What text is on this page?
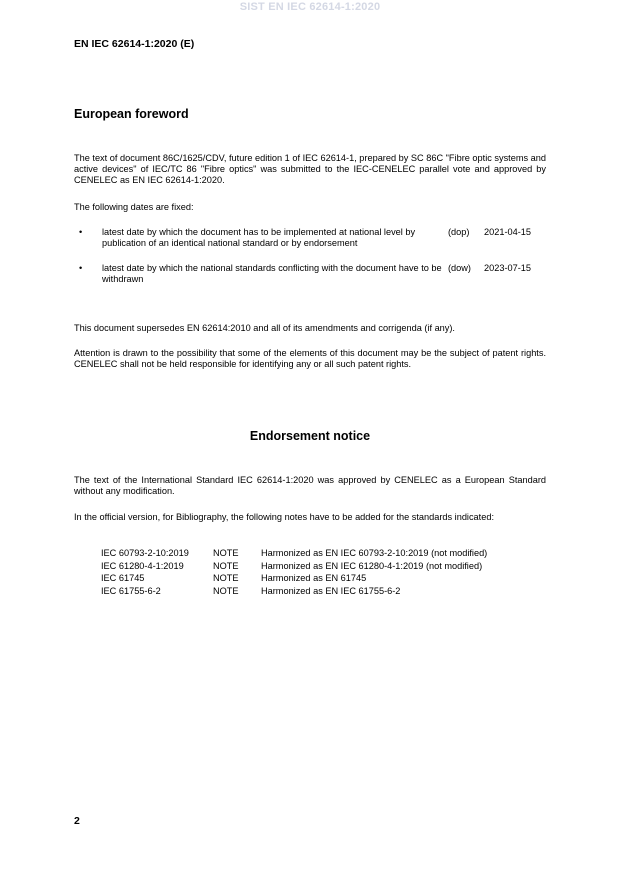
SIST EN IEC 62614-1:2020
EN IEC 62614-1:2020 (E)
European foreword
The text of document 86C/1625/CDV, future edition 1 of IEC 62614-1, prepared by SC 86C "Fibre optic systems and active devices" of IEC/TC 86 "Fibre optics" was submitted to the IEC-CENELEC parallel vote and approved by CENELEC as EN IEC 62614-1:2020.
The following dates are fixed:
• latest date by which the document has to be implemented at national level by publication of an identical national standard or by endorsement
(dop) 2021-04-15
• latest date by which the national standards conflicting with the document have to be withdrawn
(dow) 2023-07-15
This document supersedes EN 62614:2010 and all of its amendments and corrigenda (if any).
Attention is drawn to the possibility that some of the elements of this document may be the subject of patent rights. CENELEC shall not be held responsible for identifying any or all such patent rights.
Endorsement notice
The text of the International Standard IEC 62614-1:2020 was approved by CENELEC as a European Standard without any modification.
In the official version, for Bibliography, the following notes have to be added for the standards indicated:
IEC 60793-2-10:2019	NOTE Harmonized as EN IEC 60793-2-10:2019 (not modified)
IEC 61280-4-1:2019	NOTE Harmonized as EN IEC 61280-4-1:2019 (not modified)
IEC 61745	NOTE Harmonized as EN 61745
IEC 61755-6-2	NOTE Harmonized as EN IEC 61755-6-2
2
